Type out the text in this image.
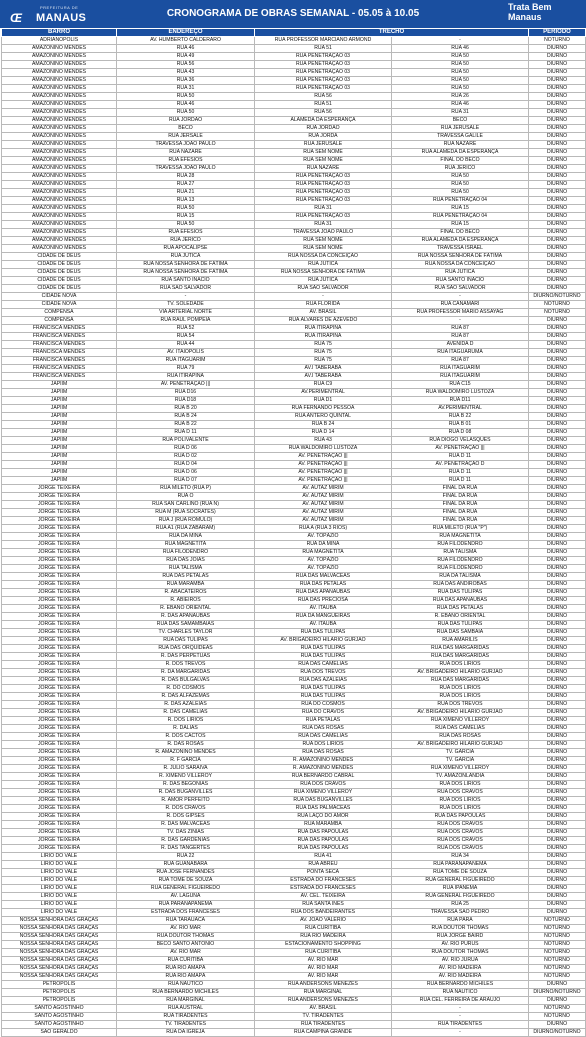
PREFEITURA DE
Œ MANAUS	CRONOGRAMA DE OBRAS SEMANAL - 05.05 à 10.05
Trata Bem
Manaus
BARRO	ENDEREÇO	TRECHO		PERÍODO
ADRIANÓPOLIS	AV. HUMBERTO CALDERARO	RUA PROFESSOR MARCIANO ARMOND	-	NOTURNO
AMAZONINO MENDES	RUA 46	RUA 51	RUA 46	DIURNO
AMAZONINO MENDES	RUA 49	RUA PENETRAÇÃO 03	RUA 50	DIURNO
AMAZONINO MENDES	RUA 56	RUA PENETRAÇÃO 03	RUA 50	DIURNO
AMAZONINO MENDES	RUA 43	RUA PENETRAÇÃO 03	RUA 50	DIURNO
AMAZONINO MENDES	RUA 36	RUA PENETRAÇÃO 03	RUA 50	DIURNO
AMAZONINO MENDES	RUA 31	RUA PENETRAÇÃO 03	RUA 50	DIURNO
AMAZONINO MENDES	RUA 50	RUA 56	RUA 26	DIURNO
AMAZONINO MENDES	RUA 46	RUA 51	RUA 46	DIURNO
AMAZONINO MENDES	RUA 50	RUA 56	RUA 31	DIURNO
AMAZONINO MENDES	RUA JORDÃO	ALAMEDA DA ESPERANÇA	BECO	DIURNO
AMAZONINO MENDES	BECO	RUA JORDÃO	RUA JERUSALÉ	DIURNO
AMAZONINO MENDES	RUA JERSALÉ	RUA JORDÃ	TRAVESSA GALILÉ	DIURNO
AMAZONINO MENDES	TRAVESSA JOÃO PAULO	RUA JERUSALÉ	RUA NAZARÉ	DIURNO
AMAZONINO MENDES	RUA NAZARÉ	RUA SEM NOME	RUA ALAMEDA DA ESPERANÇA	DIURNO
AMAZONINO MENDES	RUA ÉFESIOS	RUA SEM NOME	FINAL DO BECO	DIURNO
AMAZONINO MENDES	TRAVESSA JOÃO PAULO	RUA NAZARÉ	RUA JERICÓ	DIURNO
AMAZONINO MENDES	RUA 28	RUA PENETRAÇÃO 03	RUA 50	DIURNO
AMAZONINO MENDES	RUA 27	RUA PENETRAÇÃO 03	RUA 50	DIURNO
AMAZONINO MENDES	RUA 21	RUA PENETRAÇÃO 03	RUA 50	DIURNO
AMAZONINO MENDES	RUA 13	RUA PENETRAÇÃO 03	RUA PENETRAÇÃO 04	DIURNO
AMAZONINO MENDES	RUA 50	RUA 31	RUA 15	DIURNO
AMAZONINO MENDES	RUA 15	RUA PENETRAÇÃO 03	RUA PENETRAÇÃO 04	DIURNO
AMAZONINO MENDES	RUA 50	RUA 31	RUA 15	DIURNO
AMAZONINO MENDES	RUA ÉFESIOS	TRAVESSA JOÃO PAULO	FINAL DO BECO	DIURNO
AMAZONINO MENDES	RUA JERICÓ	RUA SEM NOME	RUA ALAMEDA DA ESPERANÇA	DIURNO
AMAZONINO MENDES	RUA APOCALIPSE	RUA SEM NOME	TRAVESSA ISRAEL	DIURNO
CIDADE DE DEUS	RUA JUTICA	RUA NOSSA DA CONCEIÇÃO	RUA NOSSA SENHORA DE FÁTIMA	DIURNO
CIDADE DE DEUS	RUA NOSSA SENHORA DE FÁTIMA	RUA JUTICA	RUA NOSSA DA CONCEIÇÃO	DIURNO
CIDADE DE DEUS	RUA NOSSA SENHORA DE FÁTIMA	RUA NOSSA SENHORA DE FÁTIMA	RUA JUTICA	DIURNO
CIDADE DE DEUS	RUA SANTO INÁCIO	RUA JUTICA	RUA SANTO INÁCIO	DIURNO
CIDADE DE DEUS	RUA SÃO SALVADOR	RUA SÃO SALVADOR	RUA SÃO SALVADOR	DIURNO
CIDADE NOVA	-	-	-	DIURNO/NOTURNO
CIDADE NOVA	TV. SOLEDADE	RUA FLÓRIDA	RUA CANAMARI	NOTURNO
COMPENSA	VIA ARTERIAL NORTE	AV. BRASIL	RUA PROFESSOR MÁRIO ASSAYAG	NOTURNO
COMPENSA	RUA RAUL POMPÉIA	RUA ÁLVARES DE AZEVEDO	-	DIURNO
FRANCISCA MENDES	RUA 52	RUA ITIRAPINA	RUA 87	DIURNO
FRANCISCA MENDES	RUA 54	RUA ITIRAPINA	RUA 87	DIURNO
FRANCISCA MENDES	RUA 44	RUA 75	AVENIDA D	DIURNO
FRANCISCA MENDES	AV. ITAIÓPOLIS	RUA 75	RUA ITAGUARUMA	DIURNO
FRANCISCA MENDES	RUA ITAGUARIM	RUA 75	RUA 87	DIURNO
FRANCISCA MENDES	RUA 79	AV.I TABERABA	RUA ITAGUARIM	DIURNO
FRANCISCA MENDES	RUA ITIRAPINA	AV.I TABERABA	RUA ITAGUARIM	DIURNO
JAPIIM	AV. PENETRAÇÃO |||	RUA C9	RUA C15	DIURNO
JAPIIM	RUA D16	AV.PERIMENTRAL	RUA WALDOMIRO LUSTOZA	DIURNO
JAPIIM	RUA D18	RUA D1	RUA D11	DIURNO
JAPIIM	RUA B 20	RUA FERNANDO PESSOA	AV.PERIMENTRAL	DIURNO
JAPIIM	RUA B 24	RUA ANTERO QUINTAL	RUA B 22	DIURNO
JAPIIM	RUA B 22	RUA B 24	RUA B 01	DIURNO
JAPIIM	RUA D 11	RUA D 14	RUA D 08	DIURNO
JAPIIM	RUA POLIVALENTE	RUA 43	RUA DIOGO VELASQUES	DIURNO
JAPIIM	RUA D 06	RUA WALDOMIRO LUSTOZA	AV. PENETRAÇÃO |||	DIURNO
JAPIIM	RUA D 02	AV. PENETRAÇÃO |||	RUA D 11	DIURNO
JAPIIM	RUA D 04	AV. PENETRAÇÃO |||	AV. PENETRAÇÃO D	DIURNO
JAPIIM	RUA D 06	AV. PENETRAÇÃO |||	RUA D 11	DIURNO
JAPIIM	RUA D 07	AV. PENETRAÇÃO |||	RUA D 11	DIURNO
JORGE TEIXEIRA	RUA MILETO (RUA P)	AV. AUTAZ MIRIM	FINAL DA RUA	DIURNO
JORGE TEIXEIRA	RUA O	AV. AUTAZ MIRIM	FINAL DA RUA	DIURNO
JORGE TEIXEIRA	RUA SAN CARLINO (RUA N)	AV. AUTAZ MIRIM	FINAL DA RUA	DIURNO
JORGE TEIXEIRA	RUA M (RUA SÓCRATES)	AV. AUTAZ MIRIM	FINAL DA RUA	DIURNO
JORGE TEIXEIRA	RUA J (RUA RÔMULO)	AV. AUTAZ MIRIM	FINAL DA RUA	DIURNO
JORGE TEIXEIRA	RUA A1 (RUA ZABARAM)	RUA A (RUA 3 RIOS)	RUA MILETO (RUA "P")	DIURNO
JORGE TEIXEIRA	RUA DA MINA	AV. TOPÁZIO	RUA MAGNETITA	DIURNO
JORGE TEIXEIRA	RUA MAGNETITA	RUA DA MINA	RUA FILODENDRO	DIURNO
JORGE TEIXEIRA	RUA FILODENDRO	RUA MAGNETITA	RUA TALISMÃ	DIURNO
JORGE TEIXEIRA	RUA DAS JÓIAS	AV. TOPÁZIO	RUA FILODENDRO	DIURNO
JORGE TEIXEIRA	RUA TALISMÃ	AV. TOPÁZIO	RUA FILODENDRO	DIURNO
JORGE TEIXEIRA	RUA DAS PÉTALAS	RUA DAS MALVACEAS	RUA DA TALISMÃ	DIURNO
JORGE TEIXEIRA	RUA MARAMBÁ	RUA DAS PÉTALAS	RUA DAS ANDIROBAS	DIURNO
JORGE TEIXEIRA	R. ABACATEIROS	RUA DAS APANAÚBAS	RUA DAS TULIPAS	DIURNO
JORGE TEIXEIRA	R. ABIEIROS	RUA DAS PRECIOSA	RUA DAS APANAÚBAS	DIURNO
JORGE TEIXEIRA	R. ÉBANO ORIENTAL	AV. ITAÚBA	RUA DAS PÉTALAS	DIURNO
JORGE TEIXEIRA	R. DAS APANAÚBAS	RUA DA MANGUEIRAS	R. ÉBANO ORIENTAL	DIURNO
JORGE TEIXEIRA	RUA DAS SAMAMBAIAS	AV. ITAÚBA	RUA DAS TULIPAS	DIURNO
JORGE TEIXEIRA	TV. CHARLES TAYLOR	RUA DAS TULIPAS	RUA DAS SAMBAIA	DIURNO
JORGE TEIXEIRA	RUA DAS TULIPAS	AV. BRIGADEIRO HILÁRIO GURJÃO	RUA AMARILIS	DIURNO
JORGE TEIXEIRA	RUA DAS ORQUÍDEAS	RUA DAS TULIPAS	RUA DAS MARGARIDAS	DIURNO
JORGE TEIXEIRA	R. DAS PERPÉTUAS	RUA DAS TULIPAS	RUA DAS MARGARIDAS	DIURNO
JORGE TEIXEIRA	R. DOS TREVOS	RUA DAS CAMÉLIAS	RUA DOS LÍRIOS	DIURNO
JORGE TEIXEIRA	R. DA MARGARIDAS	RUA DOS TREVOS	AV. BRIGADEIRO HILÁRIO GURJÃO	DIURNO
JORGE TEIXEIRA	R. DAS BULGALVAS	RUA DAS AZALÉIAS	RUA DAS MARGARIDAS	DIURNO
JORGE TEIXEIRA	R. DO COSMOS	RUA DAS TULIPAS	RUA DOS LÍRIOS	DIURNO
JORGE TEIXEIRA	R. DAS ALFAZEMAS	RUA DAS TULIPAS	RUA DOS LÍRIOS	DIURNO
JORGE TEIXEIRA	R. DAS AZALÉIAS	RUA DO COSMOS	RUA DOS TREVOS	DIURNO
JORGE TEIXEIRA	R. DAS CAMÉLIAS	RUA DO CRAVOS	AV. BRIGADEIRO HILÁRIO GURJÃO	DIURNO
JORGE TEIXEIRA	R. DOS LÍRIOS	RUA PÉTALAS	RUA XIMENO VILLEROY	DIURNO
JORGE TEIXEIRA	R. DÁLIAS	RUA DAS ROSAS	RUA DAS CAMÉLIAS	DIURNO
JORGE TEIXEIRA	R. DOS CACTOS	RUA DAS CAMÉLIAS	RUA DAS ROSAS	DIURNO
JORGE TEIXEIRA	R. DAS ROSAS	RUA DOS LÍRIOS	AV. BRIGADEIRO HILÁRIO GURJÃO	DIURNO
JORGE TEIXEIRA	R. AMAZONINO MENDES	RUA DAS ROSAS	TV. GARCIA	DIURNO
JORGE TEIXEIRA	R. F GARCIA	R. AMAZONINO MENDES	TV. GARCIA	DIURNO
JORGE TEIXEIRA	R. JÚLIO SARAIVA	R. AMAZONINO MENDES	RUA XIMENO VILLEROY	DIURNO
JORGE TEIXEIRA	R. XIMENO VILLEROY	RUA BERNARDO CABRAL	TV. AMAZONLÂNDIA	DIURNO
JORGE TEIXEIRA	R. DAS BEGÔNIAS	RUA DOS CRAVOS	RUA DOS LÍRIOS	DIURNO
JORGE TEIXEIRA	R. DAS BUGANVILLES	RUA XIMENO VILLEROY	RUA DOS CRAVOS	DIURNO
JORGE TEIXEIRA	R. AMOR PERFEITO	RUA DAS BUGANVILLES	RUA DOS LÍRIOS	DIURNO
JORGE TEIXEIRA	R. DOS CRAVOS	RUA DAS PALMÁCEAS	RUA DOS LÍRIOS	DIURNO
JORGE TEIXEIRA	R. DOS GIPSES	RUA LAÇO DO AMOR	RUA DAS PAPOULAS	DIURNO
JORGE TEIXEIRA	R. DAS MALVACEAS	RUA MARAMBA	RUA DOS CRAVOS	DIURNO
JORGE TEIXEIRA	TV. DAS ZÍNIAS	RUA DAS PAPOULAS	RUA DOS CRAVOS	DIURNO
JORGE TEIXEIRA	R. DAS GARDÊNIAS	RUA DAS PAPOULAS	RUA DOS CRAVOS	DIURNO
JORGE TEIXEIRA	R. DAS TANGERTES	RUA DAS PAPOULAS	RUA DOS CRAVOS	DIURNO
LÍRIO DO VALE	RUA 22	RUA 41	RUA 34	DIURNO
LÍRIO DO VALE	RUA GUANABARA	RUA ABREU	RUA PARANAPANEMA	DIURNO
LÍRIO DO VALE	RUA JOSÉ FERNANDES	PONTA SECA	RUA TOMÉ DE SOUZA	DIURNO
LÍRIO DO VALE	RUA TOMÉ DE SOUZA	ESTRADA DO FRANCESES	RUA GENERAL FIGUEIREDO	DIURNO
LÍRIO DO VALE	RUA GENERAL FIGUEIREDO	ESTRADA DO FRANCESES	RUA IPANEMA	DIURNO
LÍRIO DO VALE	AV. LAGUNA	AV. CEL. TEIXEIRA	RUA GENERAL FIGUEIREDO	DIURNO
LÍRIO DO VALE	RUA PARANAPANEMA	RUA SANTA INES	RUA 25	DIURNO
LÍRIO DO VALE	ESTRADA DOS FRANCESES	RUA DOS BANDEIRANTES	TRAVESSA SÃO PEDRO	DIURNO
NOSSA SENHORA DAS GRAÇAS	RUA TARAUACÁ	AV. JOÃO VALÉRIO	RUA PARÁ	NOTURNO
NOSSA SENHORA DAS GRAÇAS	AV. RIO MAR	RUA CURITIBA	RUA DOUTOR THOMAS	NOTURNO
NOSSA SENHORA DAS GRAÇAS	RUA DOUTOR THOMAS	RUA RIO MADEIRA	RUA JORGE BAIRD	NOTURNO
NOSSA SENHORA DAS GRAÇAS	BECO SANTO ANTONIO	ESTACIONAMENTO SHOPPING	AV. RIO PURUS	NOTURNO
NOSSA SENHORA DAS GRAÇAS	AV. RIO MAR	RUA CURITIBA	RUA DOUTOR THOMAS	NOTURNO
NOSSA SENHORA DAS GRAÇAS	RUA CURITIBA	AV. RIO MAR	AV. RIO JURUÁ	NOTURNO
NOSSA SENHORA DAS GRAÇAS	RUA RIO AMAPÁ	AV. RIO MAR	AV. RIO MADEIRA	NOTURNO
NOSSA SENHORA DAS GRAÇAS	RUA RIO AMAPÁ	AV. RIO MAR	AV. RIO MADEIRA	NOTURNO
PETRÓPOLIS	RUA NÁUTICO	RUA ANDERSONS MENEZES	RUA BERNARDO MICHILES	DIURNO
PETRÓPOLIS	RUA BERNARDO MICHILES	RUA MARGINAL	RUA NÁUTICO	DIURNO/NOTURNO
PETRÓPOLIS	RUA MARGINAL	RUA ANDERSONS MENEZES	RUA CEL. FERREIRA DE ARAÚJO	DIURNO
SANTO AGOSTINHO	RUA AUSTRAL	AV. BRASIL	-	NOTURNO
SANTO AGOSTINHO	RUA TIRADENTES	TV. TIRADENTES	-	NOTURNO
SANTO AGOSTINHO	TV. TIRADENTES	RUA TIRADENTES	RUA TIRADENTES	DIURNO
SÃO GERALDO	RUA DA IGREJA	RUA CAMPINA GRANDE	-	DIURNO/NOTURNO
